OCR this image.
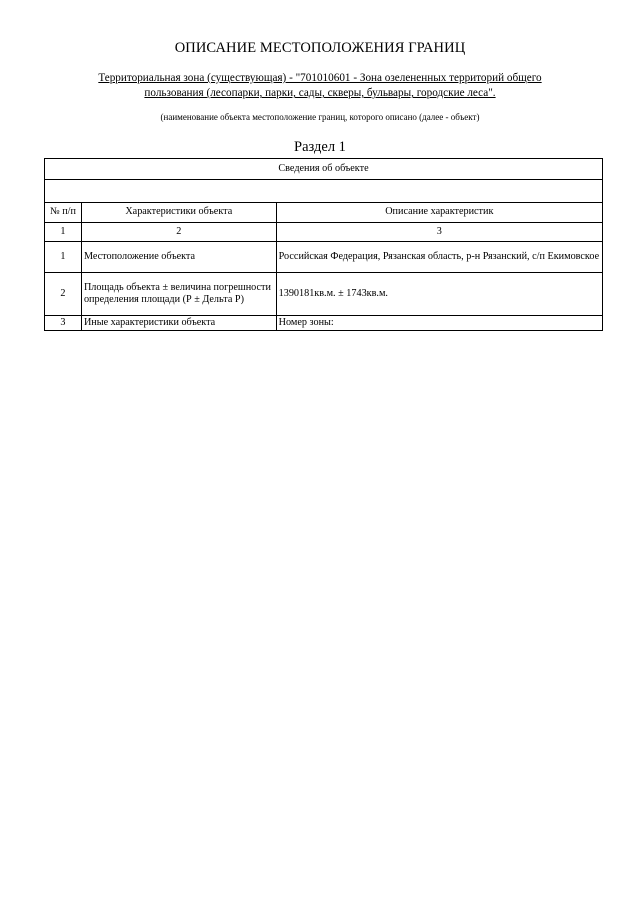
ОПИСАНИЕ МЕСТОПОЛОЖЕНИЯ ГРАНИЦ
Территориальная зона (существующая) - "701010601 - Зона озелененных территорий общего пользования (лесопарки, парки, сады, скверы, бульвары, городские леса".
(наименование объекта местоположение границ, которого описано (далее - объект)
Раздел 1
Сведения об объекте		

№ п/п	Характеристики объекта	Описание характеристик
1	2	3
1	Местоположение объекта	Российская Федерация, Рязанская область, р-н Рязанский, с/п Екимовское
2	Площадь объекта ± величина погрешности определения площади (Р ± Дельта Р)	1390181кв.м. ± 1743кв.м.
3	Иные характеристики объекта	Номер зоны:
